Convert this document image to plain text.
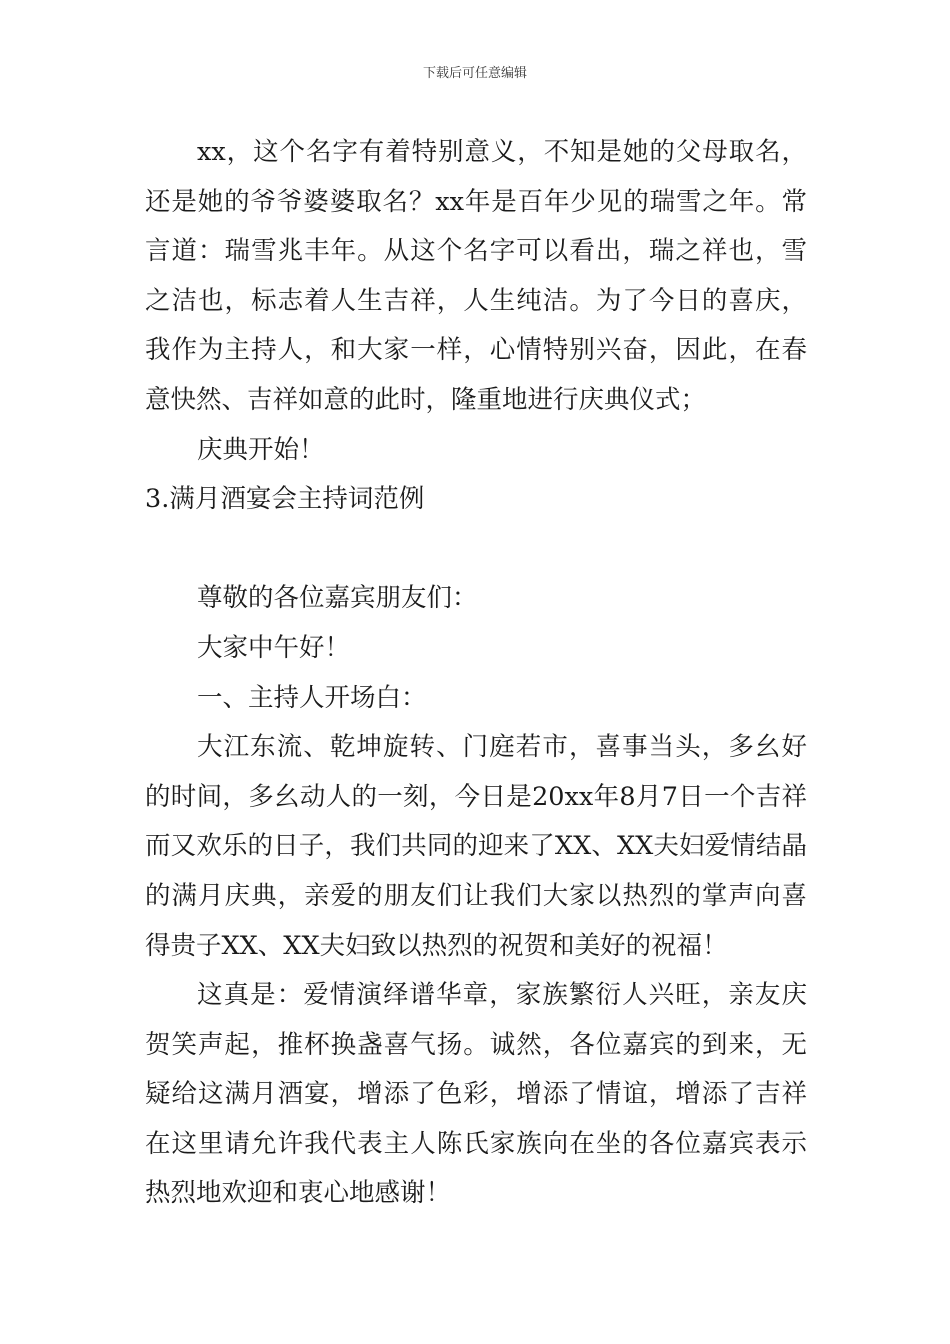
下载后可任意编辑

xx，这个名字有着特别意义，不知是她的父母取名，还是她的爷爷婆婆取名？xx年是百年少见的瑞雪之年。常言道：瑞雪兆丰年。从这个名字可以看出，瑞之祥也，雪之洁也，标志着人生吉祥，人生纯洁。为了今日的喜庆，我作为主持人，和大家一样，心情特别兴奋，因此，在春意快然、吉祥如意的此时，隆重地进行庆典仪式；

庆典开始！

3.满月酒宴会主持词范例

尊敬的各位嘉宾朋友们：

大家中午好！

一、主持人开场白：

大江东流、乾坤旋转、门庭若市，喜事当头，多幺好的时间，多幺动人的一刻，今日是20xx年8月7日一个吉祥而又欢乐的日子，我们共同的迎来了XX、XX夫妇爱情结晶的满月庆典，亲爱的朋友们让我们大家以热烈的掌声向喜得贵子XX、XX夫妇致以热烈的祝贺和美好的祝福！

这真是：爱情演绎谱华章，家族繁衍人兴旺，亲友庆贺笑声起，推杯换盏喜气扬。诚然，各位嘉宾的到来，无疑给这满月酒宴，增添了色彩，增添了情谊，增添了吉祥在这里请允许我代表主人陈氏家族向在坐的各位嘉宾表示热烈地欢迎和衷心地感谢！
